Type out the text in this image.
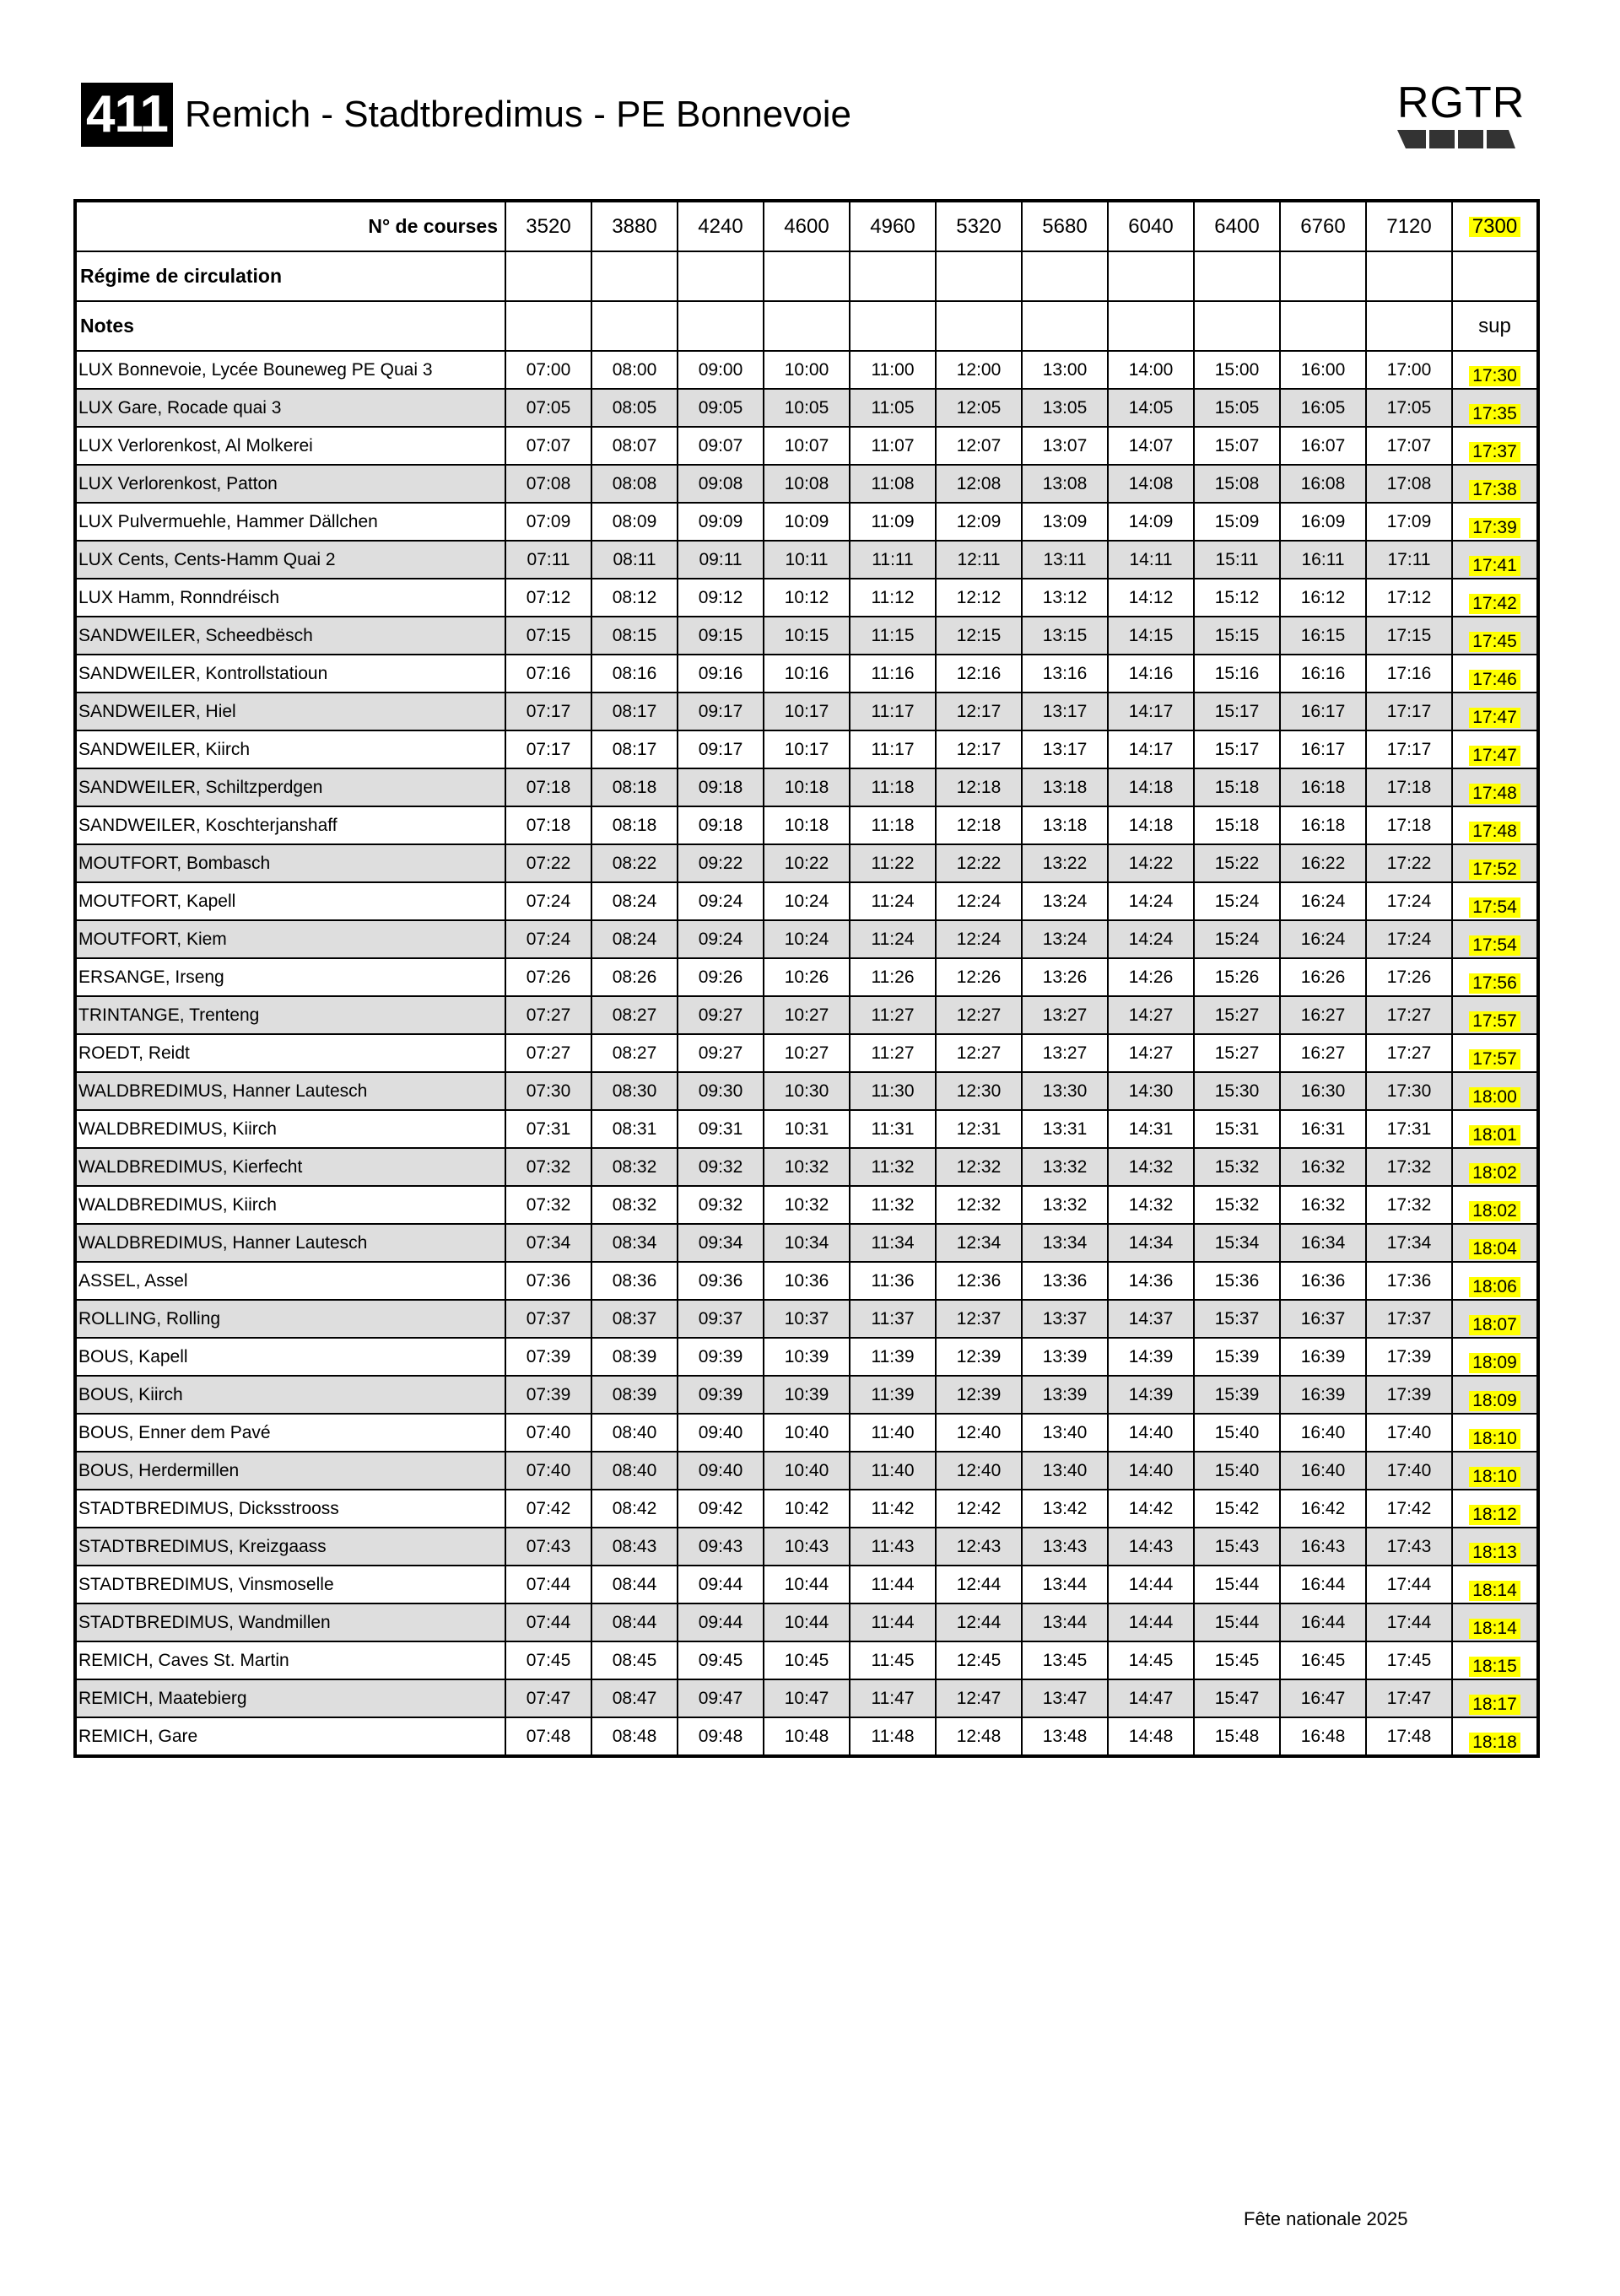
411 Remich - Stadtbredimus - PE Bonnevoie	RGTR
N° de courses	3520	3880	4240	4600	4960	5320	5680	6040	6400	6760	7120	7300
Régime de circulation												
Notes												sup
LUX Bonnevoie, Lycée Bouneweg PE Quai 3	07:00	08:00	09:00	10:00	11:00	12:00	13:00	14:00	15:00	16:00	17:00	17:30
LUX Gare, Rocade quai 3	07:05	08:05	09:05	10:05	11:05	12:05	13:05	14:05	15:05	16:05	17:05	17:35
LUX Verlorenkost, Al Molkerei	07:07	08:07	09:07	10:07	11:07	12:07	13:07	14:07	15:07	16:07	17:07	17:37
LUX Verlorenkost, Patton	07:08	08:08	09:08	10:08	11:08	12:08	13:08	14:08	15:08	16:08	17:08	17:38
LUX Pulvermuehle, Hammer Dällchen	07:09	08:09	09:09	10:09	11:09	12:09	13:09	14:09	15:09	16:09	17:09	17:39
LUX Cents, Cents-Hamm Quai 2	07:11	08:11	09:11	10:11	11:11	12:11	13:11	14:11	15:11	16:11	17:11	17:41
LUX Hamm, Ronndréisch	07:12	08:12	09:12	10:12	11:12	12:12	13:12	14:12	15:12	16:12	17:12	17:42
SANDWEILER, Scheedbësch	07:15	08:15	09:15	10:15	11:15	12:15	13:15	14:15	15:15	16:15	17:15	17:45
SANDWEILER, Kontrollstatioun	07:16	08:16	09:16	10:16	11:16	12:16	13:16	14:16	15:16	16:16	17:16	17:46
SANDWEILER, Hiel	07:17	08:17	09:17	10:17	11:17	12:17	13:17	14:17	15:17	16:17	17:17	17:47
SANDWEILER, Kiirch	07:17	08:17	09:17	10:17	11:17	12:17	13:17	14:17	15:17	16:17	17:17	17:47
SANDWEILER, Schiltzperdgen	07:18	08:18	09:18	10:18	11:18	12:18	13:18	14:18	15:18	16:18	17:18	17:48
SANDWEILER, Koschterjanshaff	07:18	08:18	09:18	10:18	11:18	12:18	13:18	14:18	15:18	16:18	17:18	17:48
MOUTFORT, Bombasch	07:22	08:22	09:22	10:22	11:22	12:22	13:22	14:22	15:22	16:22	17:22	17:52
MOUTFORT, Kapell	07:24	08:24	09:24	10:24	11:24	12:24	13:24	14:24	15:24	16:24	17:24	17:54
MOUTFORT, Kiem	07:24	08:24	09:24	10:24	11:24	12:24	13:24	14:24	15:24	16:24	17:24	17:54
ERSANGE, Irseng	07:26	08:26	09:26	10:26	11:26	12:26	13:26	14:26	15:26	16:26	17:26	17:56
TRINTANGE, Trenteng	07:27	08:27	09:27	10:27	11:27	12:27	13:27	14:27	15:27	16:27	17:27	17:57
ROEDT, Reidt	07:27	08:27	09:27	10:27	11:27	12:27	13:27	14:27	15:27	16:27	17:27	17:57
WALDBREDIMUS, Hanner Lautesch	07:30	08:30	09:30	10:30	11:30	12:30	13:30	14:30	15:30	16:30	17:30	18:00
WALDBREDIMUS, Kiirch	07:31	08:31	09:31	10:31	11:31	12:31	13:31	14:31	15:31	16:31	17:31	18:01
WALDBREDIMUS, Kierfecht	07:32	08:32	09:32	10:32	11:32	12:32	13:32	14:32	15:32	16:32	17:32	18:02
WALDBREDIMUS, Kiirch	07:32	08:32	09:32	10:32	11:32	12:32	13:32	14:32	15:32	16:32	17:32	18:02
WALDBREDIMUS, Hanner Lautesch	07:34	08:34	09:34	10:34	11:34	12:34	13:34	14:34	15:34	16:34	17:34	18:04
ASSEL, Assel	07:36	08:36	09:36	10:36	11:36	12:36	13:36	14:36	15:36	16:36	17:36	18:06
ROLLING, Rolling	07:37	08:37	09:37	10:37	11:37	12:37	13:37	14:37	15:37	16:37	17:37	18:07
BOUS, Kapell	07:39	08:39	09:39	10:39	11:39	12:39	13:39	14:39	15:39	16:39	17:39	18:09
BOUS, Kiirch	07:39	08:39	09:39	10:39	11:39	12:39	13:39	14:39	15:39	16:39	17:39	18:09
BOUS, Enner dem Pavé	07:40	08:40	09:40	10:40	11:40	12:40	13:40	14:40	15:40	16:40	17:40	18:10
BOUS, Herdermillen	07:40	08:40	09:40	10:40	11:40	12:40	13:40	14:40	15:40	16:40	17:40	18:10
STADTBREDIMUS, Dicksstrooss	07:42	08:42	09:42	10:42	11:42	12:42	13:42	14:42	15:42	16:42	17:42	18:12
STADTBREDIMUS, Kreizgaass	07:43	08:43	09:43	10:43	11:43	12:43	13:43	14:43	15:43	16:43	17:43	18:13
STADTBREDIMUS, Vinsmoselle	07:44	08:44	09:44	10:44	11:44	12:44	13:44	14:44	15:44	16:44	17:44	18:14
STADTBREDIMUS, Wandmillen	07:44	08:44	09:44	10:44	11:44	12:44	13:44	14:44	15:44	16:44	17:44	18:14
REMICH, Caves St. Martin	07:45	08:45	09:45	10:45	11:45	12:45	13:45	14:45	15:45	16:45	17:45	18:15
REMICH, Maatebierg	07:47	08:47	09:47	10:47	11:47	12:47	13:47	14:47	15:47	16:47	17:47	18:17
REMICH, Gare	07:48	08:48	09:48	10:48	11:48	12:48	13:48	14:48	15:48	16:48	17:48	18:18
Fête nationale 2025
